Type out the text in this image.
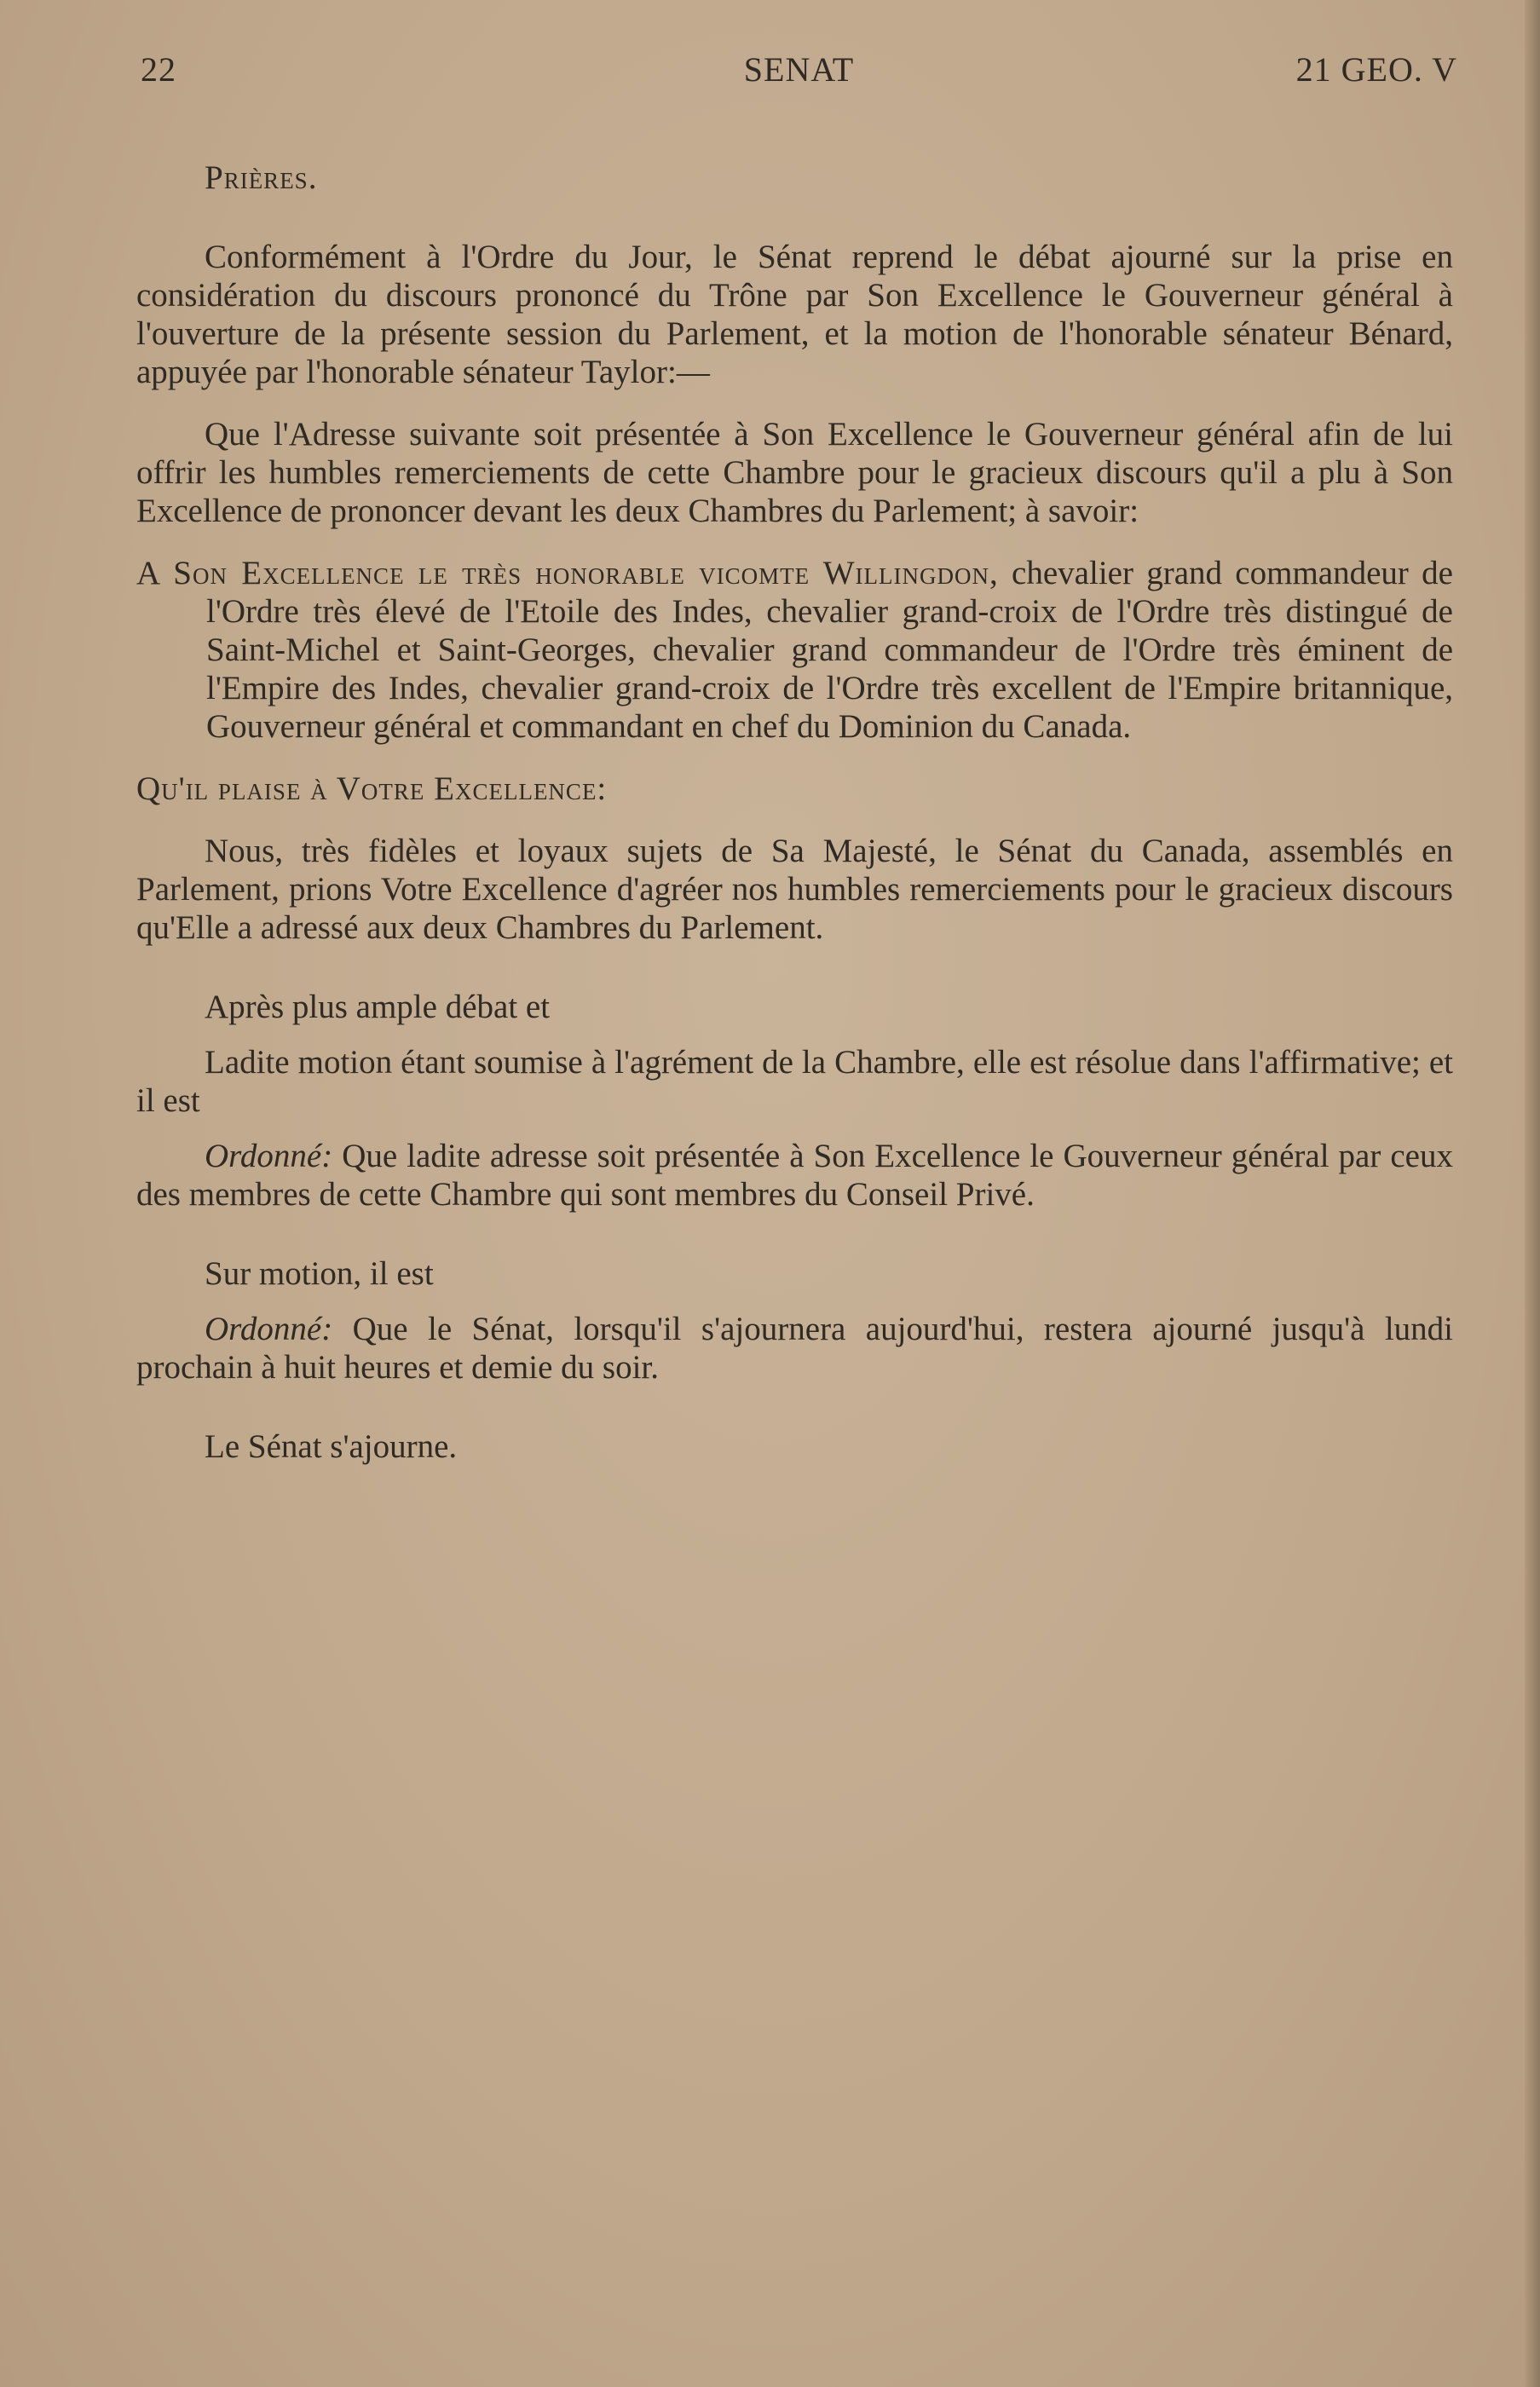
22	SENAT	21 GEO. V

Prières.

Conformément à l'Ordre du Jour, le Sénat reprend le débat ajourné sur la prise en considération du discours prononcé du Trône par Son Excellence le Gouverneur général à l'ouverture de la présente session du Parlement, et la motion de l'honorable sénateur Bénard, appuyée par l'honorable sénateur Taylor:—

Que l'Adresse suivante soit présentée à Son Excellence le Gouverneur général afin de lui offrir les humbles remerciements de cette Chambre pour le gracieux discours qu'il a plu à Son Excellence de prononcer devant les deux Chambres du Parlement; à savoir:

A Son Excellence le très honorable vicomte Willingdon, chevalier grand commandeur de l'Ordre très élevé de l'Etoile des Indes, chevalier grand-croix de l'Ordre très distingué de Saint-Michel et Saint-Georges, chevalier grand commandeur de l'Ordre très éminent de l'Empire des Indes, chevalier grand-croix de l'Ordre très excellent de l'Empire britannique, Gouverneur général et commandant en chef du Dominion du Canada.

Qu'il plaise à Votre Excellence:

Nous, très fidèles et loyaux sujets de Sa Majesté, le Sénat du Canada, assemblés en Parlement, prions Votre Excellence d'agréer nos humbles remerciements pour le gracieux discours qu'Elle a adressé aux deux Chambres du Parlement.

Après plus ample débat et

Ladite motion étant soumise à l'agrément de la Chambre, elle est résolue dans l'affirmative; et il est

Ordonné: Que ladite adresse soit présentée à Son Excellence le Gouverneur général par ceux des membres de cette Chambre qui sont membres du Conseil Privé.

Sur motion, il est

Ordonné: Que le Sénat, lorsqu'il s'ajournera aujourd'hui, restera ajourné jusqu'à lundi prochain à huit heures et demie du soir.

Le Sénat s'ajourne.
